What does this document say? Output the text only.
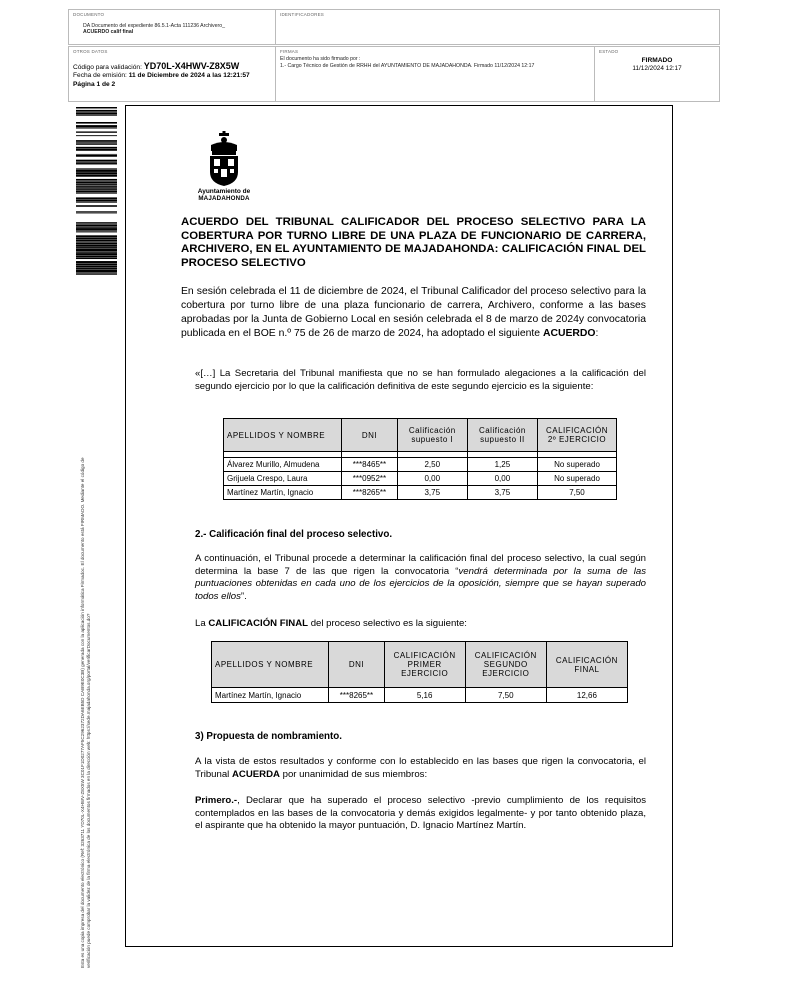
DOCUMENTO
DA Documento del expediente 86.5.1-Acta 111236 Archivero_
ACUERDO calif final
IDENTIFICADORES
OTROS DATOS
Código para validación: YD70L-X4HWV-Z8X5W
Fecha de emisión: 11 de Diciembre de 2024 a las 12:21:57
Página 1 de 2
FIRMAS
El documento ha sido firmado por :
1.- Cargo Técnico de Gestión de RRHH del AYUNTAMIENTO DE MAJADAHONDA. Firmado 11/12/2024 12:17
ESTADO
FIRMADO
11/12/2024 12:17
Esta es una copia impresa del documento electrónico (Ref: 3263711 YD70L-X4HWV-Z8X5W 3C01F1D0277AF5C2962372DA6EB5D CAB9E0C3B) generada con la aplicación informática Firmadoc. El documento está FIRMADO. Mediante el código de verificación puede comprobar la validez de la firma electrónica de los documentos firmados en la dirección web: https://sede.majadahonda.org/portal/verificarDocumentos.do?
Ayuntamiento de
MAJADAHONDA
ACUERDO DEL TRIBUNAL CALIFICADOR DEL PROCESO SELECTIVO PARA LA COBERTURA POR TURNO LIBRE DE UNA PLAZA DE FUNCIONARIO DE CARRERA, ARCHIVERO, EN EL AYUNTAMIENTO DE MAJADAHONDA: CALIFICACIÓN FINAL DEL PROCESO SELECTIVO
En sesión celebrada el 11 de diciembre de 2024, el Tribunal Calificador del proceso selectivo para la cobertura por turno libre de una plaza funcionario de carrera, Archivero, conforme a las bases aprobadas por la Junta de Gobierno Local en sesión celebrada el 8 de marzo de 2024y convocatoria publicada en el BOE n.º 75 de 26 de marzo de 2024, ha adoptado el siguiente ACUERDO:
«[…] La Secretaria del Tribunal manifiesta que no se han formulado alegaciones a la calificación del segundo ejercicio por lo que la calificación definitiva de este segundo ejercicio es la siguiente:
APELLIDOS Y NOMBRE	DNI	Calificación supuesto I	Calificación supuesto II	CALIFICACIÓN 2º EJERCICIO

Álvarez Murillo, Almudena	***8465**	2,50	1,25	No superado
Grijuela Crespo, Laura	***0952**	0,00	0,00	No superado
Martínez Martín, Ignacio	***8265**	3,75	3,75	7,50
2.- Calificación final del proceso selectivo.
A continuación, el Tribunal procede a determinar la calificación final del proceso selectivo, la cual según determina la base 7 de las que rigen la convocatoria “vendrá determinada por la suma de las puntuaciones obtenidas en cada uno de los ejercicios de la oposición, siempre que se hayan superado todos ellos”.
La CALIFICACIÓN FINAL del proceso selectivo es la siguiente:
APELLIDOS Y NOMBRE	DNI	CALIFICACIÓN PRIMER EJERCICIO	CALIFICACIÓN SEGUNDO EJERCICIO	CALIFICACIÓN FINAL
Martínez Martín, Ignacio	***8265**	5,16	7,50	12,66
3) Propuesta de nombramiento.
A la vista de estos resultados y conforme con lo establecido en las bases que rigen la convocatoria, el Tribunal ACUERDA por unanimidad de sus miembros:
Primero.-, Declarar que ha superado el proceso selectivo -previo cumplimiento de los requisitos contemplados en las bases de la convocatoria y demás exigidos legalmente- y por tanto obtenido plaza, el aspirante que ha obtenido la mayor puntuación, D. Ignacio Martínez Martín.
